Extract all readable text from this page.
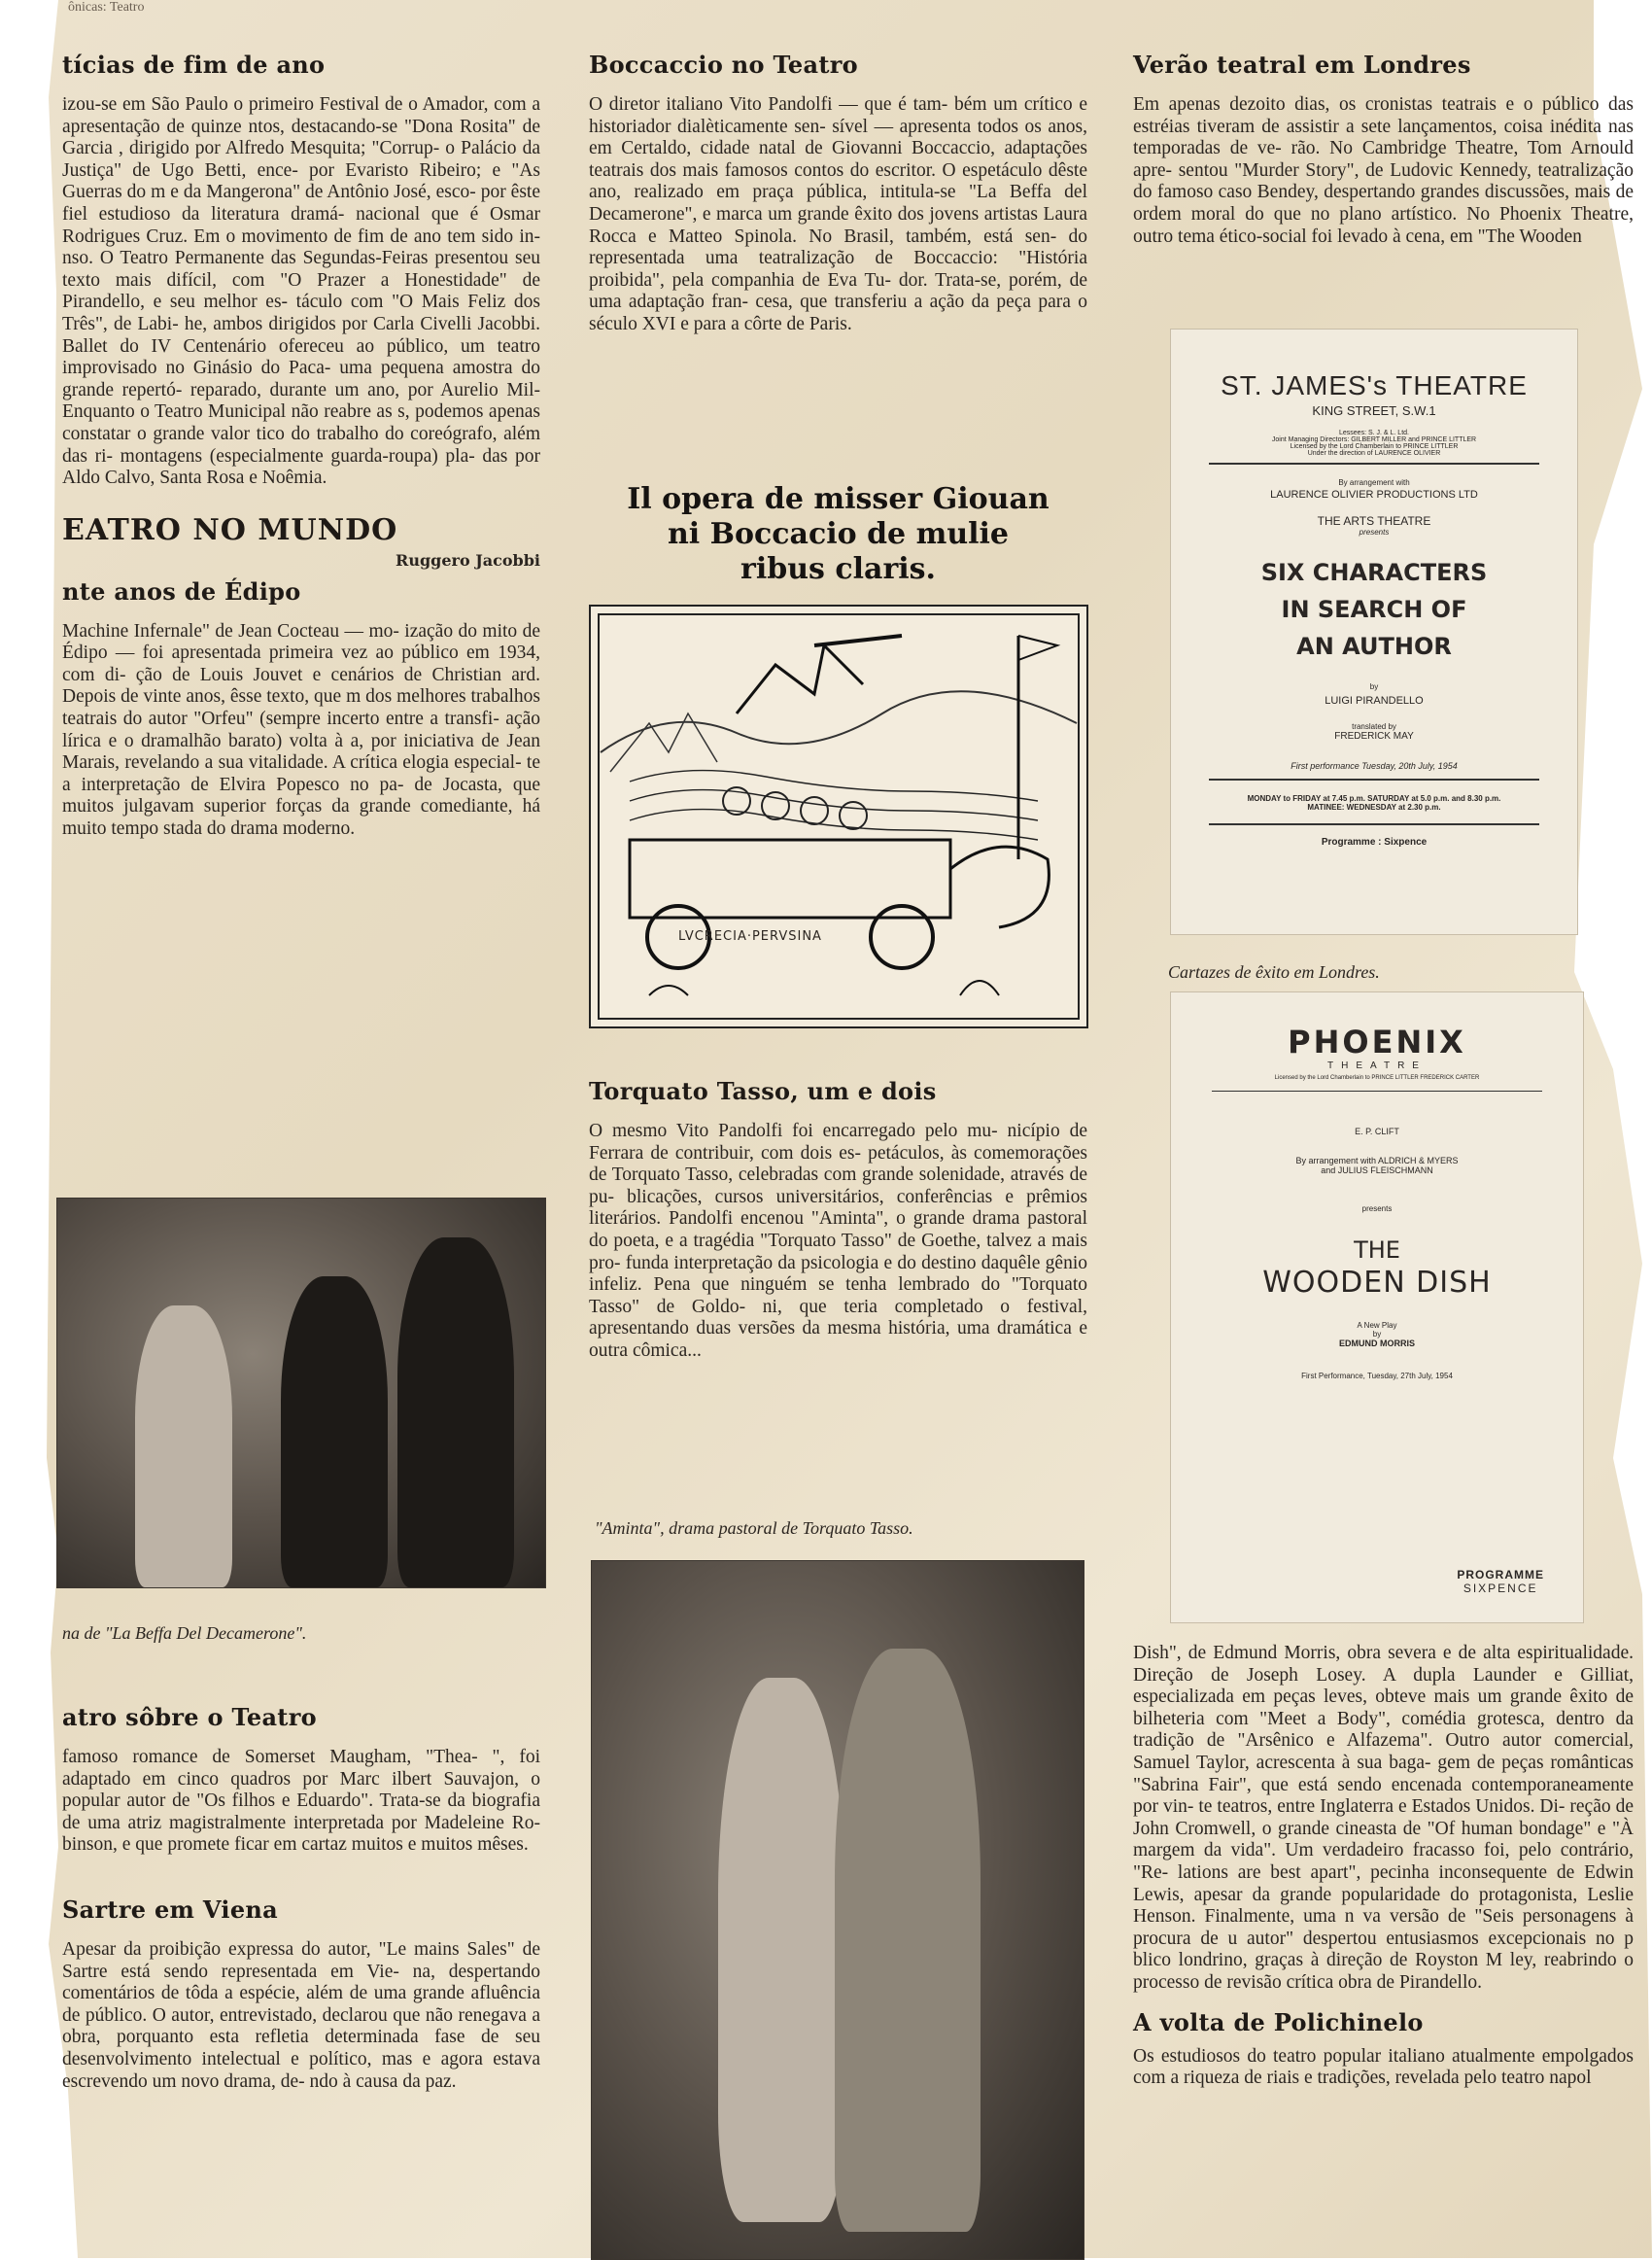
ônicas: Teatro
tícias de fim de ano

izou-se em São Paulo o primeiro Festival de o Amador, com a apresentação de quinze ntos, destacando-se "Dona Rosita" de Garcia , dirigido por Alfredo Mesquita; "Corrup- o Palácio da Justiça" de Ugo Betti, ence- por Evaristo Ribeiro; e "As Guerras do m e da Mangerona" de Antônio José, esco- por êste fiel estudioso da literatura dramá- nacional que é Osmar Rodrigues Cruz. Em o movimento de fim de ano tem sido in- nso. O Teatro Permanente das Segundas-Feiras presentou seu texto mais difícil, com "O Prazer a Honestidade" de Pirandello, e seu melhor es- táculo com "O Mais Feliz dos Três", de Labi- he, ambos dirigidos por Carla Civelli Jacobbi. Ballet do IV Centenário ofereceu ao público, um teatro improvisado no Ginásio do Paca- uma pequena amostra do grande repertó- reparado, durante um ano, por Aurelio Mil- Enquanto o Teatro Municipal não reabre as s, podemos apenas constatar o grande valor tico do trabalho do coreógrafo, além das ri- montagens (especialmente guarda-roupa) pla- das por Aldo Calvo, Santa Rosa e Noêmia.

EATRO NO MUNDO
Ruggero Jacobbi
nte anos de Édipo

Machine Infernale" de Jean Cocteau — mo- ização do mito de Édipo — foi apresentada primeira vez ao público em 1934, com di- ção de Louis Jouvet e cenários de Christian ard. Depois de vinte anos, êsse texto, que m dos melhores trabalhos teatrais do autor "Orfeu" (sempre incerto entre a transfi- ação lírica e o dramalhão barato) volta à a, por iniciativa de Jean Marais, revelando a sua vitalidade. A crítica elogia especial- te a interpretação de Elvira Popesco no pa- de Jocasta, que muitos julgavam superior forças da grande comediante, há muito tempo stada do drama moderno.

na de "La Beffa Del Decamerone".
atro sôbre o Teatro

famoso romance de Somerset Maugham, "Thea- ", foi adaptado em cinco quadros por Marc ilbert Sauvajon, o popular autor de "Os filhos e Eduardo". Trata-se da biografia de uma atriz magistralmente interpretada por Madeleine Ro- binson, e que promete ficar em cartaz muitos e muitos mêses.

Sartre em Viena

Apesar da proibição expressa do autor, "Le mains Sales" de Sartre está sendo representada em Vie- na, despertando comentários de tôda a espécie, além de uma grande afluência de público. O autor, entrevistado, declarou que não renegava a obra, porquanto esta refletia determinada fase de seu desenvolvimento intelectual e político, mas e agora estava escrevendo um novo drama, de- ndo à causa da paz.

Boccaccio no Teatro

O diretor italiano Vito Pandolfi — que é tam- bém um crítico e historiador dialèticamente sen- sível — apresenta todos os anos, em Certaldo, cidade natal de Giovanni Boccaccio, adaptações teatrais dos mais famosos contos do escritor. O espetáculo dêste ano, realizado em praça pública, intitula-se "La Beffa del Decamerone", e marca um grande êxito dos jovens artistas Laura Rocca e Matteo Spinola. No Brasil, também, está sen- do representada uma teatralização de Boccaccio: "História proibida", pela companhia de Eva Tu- dor. Trata-se, porém, de uma adaptação fran- cesa, que transferiu a ação da peça para o século XVI e para a côrte de Paris.

Il opera de misser Giouan
ni Boccacio de mulie
ribus claris.
LVCRECIA·PERVSINA
Torquato Tasso, um e dois

O mesmo Vito Pandolfi foi encarregado pelo mu- nicípio de Ferrara de contribuir, com dois es- petáculos, às comemorações de Torquato Tasso, celebradas com grande solenidade, através de pu- blicações, cursos universitários, conferências e prêmios literários. Pandolfi encenou "Aminta", o grande drama pastoral do poeta, e a tragédia "Torquato Tasso" de Goethe, talvez a mais pro- funda interpretação da psicologia e do destino daquêle gênio infeliz. Pena que ninguém se tenha lembrado do "Torquato Tasso" de Goldo- ni, que teria completado o festival, apresentando duas versões da mesma história, uma dramática e outra cômica...

"Aminta", drama pastoral de Torquato Tasso.
Verão teatral em Londres

Em apenas dezoito dias, os cronistas teatrais e o público das estréias tiveram de assistir a sete lançamentos, coisa inédita nas temporadas de ve- rão. No Cambridge Theatre, Tom Arnould apre- sentou "Murder Story", de Ludovic Kennedy, teatralização do famoso caso Bendey, despertando grandes discussões, mais de ordem moral do que no plano artístico. No Phoenix Theatre, outro tema ético-social foi levado à cena, em "The Wooden

ST. JAMES's THEATRE
KING STREET, S.W.1
Lessees: S. J. & L. Ltd.
Joint Managing Directors: GILBERT MILLER and PRINCE LITTLER
Licensed by the Lord Chamberlain to PRINCE LITTLER
Under the direction of LAURENCE OLIVIER
By arrangement with
LAURENCE OLIVIER PRODUCTIONS LTD
THE ARTS THEATRE
presents
SIX CHARACTERS
IN SEARCH OF
AN AUTHOR
by
LUIGI PIRANDELLO
translated by
FREDERICK MAY
First performance Tuesday, 20th July, 1954
MONDAY to FRIDAY at 7.45 p.m. SATURDAY at 5.0 p.m. and 8.30 p.m.
MATINEE: WEDNESDAY at 2.30 p.m.
Programme : Sixpence
Cartazes de êxito em Londres.
PHOENIX
THEATRE
Licensed by the Lord Chamberlain to PRINCE LITTLER FREDERICK CARTER
E. P. CLIFT
By arrangement with ALDRICH & MYERS
and JULIUS FLEISCHMANN
presents
THE
WOODEN DISH
A New Play
by
EDMUND MORRIS
First Performance, Tuesday, 27th July, 1954
PROGRAMME
SIXPENCE

Dish", de Edmund Morris, obra severa e de alta espiritualidade. Direção de Joseph Losey. A dupla Launder e Gilliat, especializada em peças leves, obteve mais um grande êxito de bilheteria com "Meet a Body", comédia grotesca, dentro da tradição de "Arsênico e Alfazema". Outro autor comercial, Samuel Taylor, acrescenta à sua baga- gem de peças românticas "Sabrina Fair", que está sendo encenada contemporaneamente por vin- te teatros, entre Inglaterra e Estados Unidos. Di- reção de John Cromwell, o grande cineasta de "Of human bondage" e "À margem da vida". Um verdadeiro fracasso foi, pelo contrário, "Re- lations are best apart", pecinha inconsequente de Edwin Lewis, apesar da grande popularidade do protagonista, Leslie Henson. Finalmente, uma n va versão de "Seis personagens à procura de u autor" despertou entusiasmos excepcionais no p blico londrino, graças à direção de Royston M ley, reabrindo o processo de revisão crítica obra de Pirandello.

A volta de Polichinelo

Os estudiosos do teatro popular italiano atualmente empolgados com a riqueza de riais e tradições, revelada pelo teatro napol
